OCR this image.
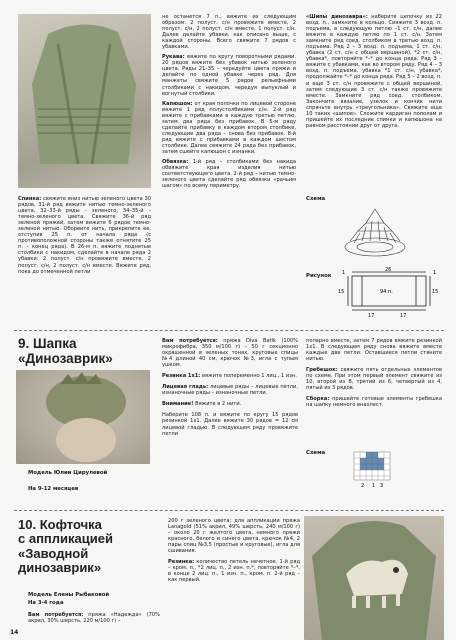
Спинка: свяжите вниз нитью зеленого цвета 30 рядов, 31-й ряд вяжите нитью темно-зеленого цвета, 32–33-й ряды – зеленого, 34–35-й – темно-зеленого цвета. Свяжите 36-й ряд зеленой пряжей, затем вяжите 6 рядов темно-зеленой нитью. Оборвите нить, прикрепите ее, отступив 25 п. от начала ряда (с противоположной стороны также отнятите 25 п. – конец ряда). В 26-м п. вяжите поднятые столбики с накидом, сделайте в начале ряда 2 убавки: 2 полуст. с/н провяжите вместе, 2 полуст. с/н, 2 полуст. с/н вместе. Вяжите ряд, пока до отмеченной петли

не останется 7 п., вяжите их следующим образом: 2 полуст. с/н провяжите вместе, 2 полуст. с/н, 2 полуст. с/н вместе, 1 полуст. с/н. Далее делайте убавки, как описано выше, с каждой стороны. Всего свяжите 7 рядов с убавками.

Рукава: вяжите по кругу поворотными рядами. 20 рядов вяжите без убавок нитью зеленого цвета. Ряды 21–35 – чередуйте цвета пряжи и делайте по одной убавке через ряд. Для манжеты свяжите 5 рядов рельефными столбиками с накидом, чередуя выпуклый и вогнутый столбики.

Капюшон: от края полочки по лицевой стороне вяжите 1 ряд полустолбиками с/н. 2-й ряд вяжите с прибавками в каждую третью петлю, затем два ряда без прибавок. В 5-м ряду сделайте прибавку в каждом втором столбике, следующие два ряда – снова без прибавок. 8-й ряд вяжите с прибавками в каждом шестом столбике. Далее свяжите 24 ряда без прибавок, затем сшейте капюшон с изнанки.

Обвязка: 1-й ряд – столбиками без накида обвяжите края изделия нитью соответствующего цвета. 2-й ряд – нитью темно-зеленого цвета сделайте ряд обвязки «рачьим шагом» по всему периметру.

«Шипы динозавра»: наберите цепочку из 22 возд. п., замкните в кольцо. Свяжите 3 возд. п. подъема, в следующую петлю –1 ст. с/н, далее вяжите в каждую петлю по 1 ст. с/н. Затем замкните ряд соед. столбиком в третью возд. п. подъема. Ряд 2 – 3 возд. п. подъема, 1 ст. с/н, убавка (2 ст. с/н с общей вершиной), *2 ст. с/н, убавка*, повторяйте *–* до конца ряда. Ряд 3 – вяжите с убавками, как во втором ряду. Ряд 4 – 3 возд. п. подъема, убавка *1 ст. с/н, убавка*, продолжайте *–* до конца ряда. Ряд 5 – 2 возд. п. и еще 3 ст. с/н провяжите с общей вершиной, затем следующие 3 ст. с/н также провяжите вместе. Замкните ряд соед. столбиком. Закончите вязание, узелок и кончик нити спрячьте внутрь «треугольника». Свяжите еще 10 таких «шипов». Сложите кардиган пополам и пришейте их последние спинки и капюшона на равном расстоянии друг от друга.

Схема
Рисунок 1	26	1
15	94 п.	15
17	17
9. Шапка
«Динозаврик»
Модель Юлии Цирулевой
На 9-12 месяцев

Вам потребуется: пряжа Diva Batik (100% микрофибра, 350 м/100 г) – 50 г секционно окрашенной в зеленых тонах, круговые спицы №4 длиной 40 см, крючок №3, игла с тупым ушком.

Резинка 1х1: вяжите попеременно 1 лиц., 1 изн.

Лицевая гладь: лицевые ряды – лицевые петли, изнаночные ряды – изнаночные петли.

Внимание! Вяжите в 2 нити.

Наберите 108 п. и вяжите по кругу 15 рядов резинкой 1х1. Далее вяжите 30 рядов = 12 см лицевой гладью. В следующем ряду провяжите петли

попарно вместе, затем 7 рядов вяжите резинкой 1х1. В следующем ряду снова вяжите вместе каждые две петли. Оставшиеся петли стяните нитью.

Гребешок: свяжите пять отдельных элементов по схеме. При этом первый элемент свяжите из 10, второй из 8, третий из 6, четвертый из 4, пятый из 3 рядов.

Сборка: пришейте готовые элементы гребешка на шапку немного внахлест.

Схема
2 1 3
10. Кофточка
с аппликацией
«Заводной
динозаврик»
Модель Елены Рыбаковой
На 3-4 года

Вам потребуется: пряжа «Надежда» (70% акрил, 30% шерсть, 220 м/100 г) –

200 г зеленого цвета; для аппликации пряжа Lanagold (51% акрил, 49% шерсть, 240 м/100 г) – около 20 г желтого цвета, немного пряжи красного, белого и синего цвета, крючок №4, 2 пары спиц №3,5 (простые и круговые), игла для сшивания.

Резинка: количество петель нечетное. 1-й ряд – кром. п., *2 лиц. п., 2 изн. п.*, повторяйте *–*, в конце 2 лиц. п., 1 изн. п., кром. п. 2-й ряд – как первый.

14
